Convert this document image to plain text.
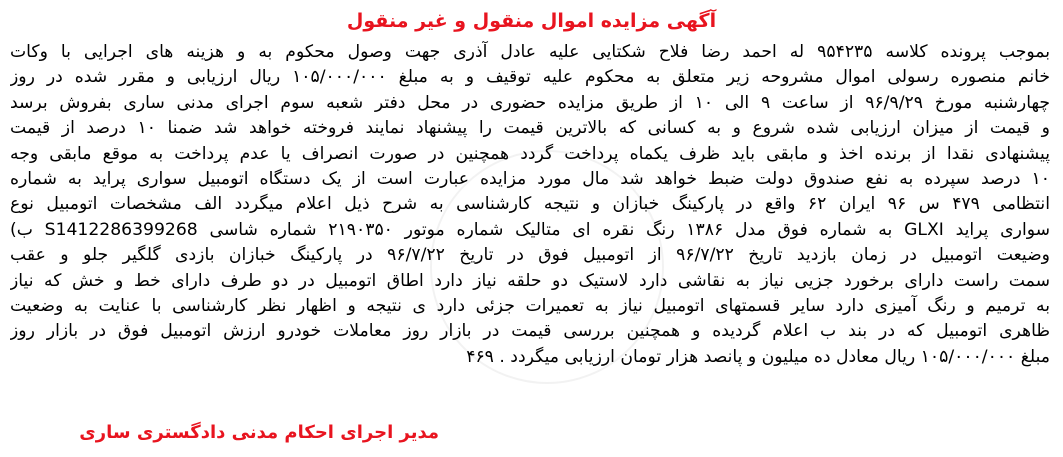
آگهی مزایده اموال منقول و غیر منقول
بموجب پرونده کلاسه ۹۵۴۲۳۵ له احمد رضا فلاح شکتایی علیه عادل آذری جهت وصول محکوم به و هزینه های اجرایی با وکات
خانم منصوره رسولی اموال مشروحه زیر متعلق به محکوم علیه توقیف و به مبلغ ۱۰۵/۰۰۰/۰۰۰ ریال ارزیابی و مقرر شده در روز
چهارشنبه مورخ ۹۶/۹/۲۹ از ساعت ۹ الی ۱۰ از طریق مزایده حضوری در محل دفتر شعبه سوم اجرای مدنی ساری بفروش برسد
و قیمت از میزان ارزیابی شده شروع و به کسانی که بالاترین قیمت را پیشنهاد نمایند فروخته خواهد شد ضمنا ۱۰ درصد از قیمت
پیشنهادی نقدا از برنده اخذ و مابقی باید ظرف یکماه پرداخت گردد همچنین در صورت انصراف یا عدم پرداخت به موقع مابقی وجه
۱۰ درصد سپرده به نفع صندوق دولت ضبط خواهد شد مال مورد مزایده عبارت است از یک دستگاه اتومبیل سواری پراید به شماره
انتظامی ۴۷۹ س ۹۶ ایران ۶۲ واقع در پارکینگ خبازان و نتیجه کارشناسی به شرح ذیل اعلام میگردد الف مشخصات اتومبیل نوع
سواری پراید GLXI به شماره فوق مدل ۱۳۸۶ رنگ نقره ای متالیک شماره موتور ۲۱۹۰۳۵۰ شماره شاسی S1412286399268 ب)
وضیعت اتومبیل در زمان بازدید تاریخ ۹۶/۷/۲۲ از اتومبیل فوق در تاریخ ۹۶/۷/۲۲ در پارکینگ خبازان بازدی گلگیر جلو و عقب
سمت راست دارای برخورد جزیی نیاز به نقاشی دارد لاستیک دو حلقه نیاز دارد اطاق اتومبیل در دو طرف دارای خط و خش که نیاز
به ترمیم و رنگ آمیزی دارد سایر قسمتهای اتومبیل نیاز به تعمیرات جزئی دارد ی نتیجه و اظهار نظر کارشناسی با عنایت به وضعیت
ظاهری اتومبیل که در بند ب اعلام گردیده و همچنین بررسی قیمت در بازار روز معاملات خودرو ارزش اتومبیل فوق در بازار روز
مبلغ ۱۰۵/۰۰۰/۰۰۰ ریال معادل ده میلیون و پانصد هزار تومان ارزیابی میگردد . ۴۶۹
مدیر اجرای احکام مدنی دادگستری ساری
